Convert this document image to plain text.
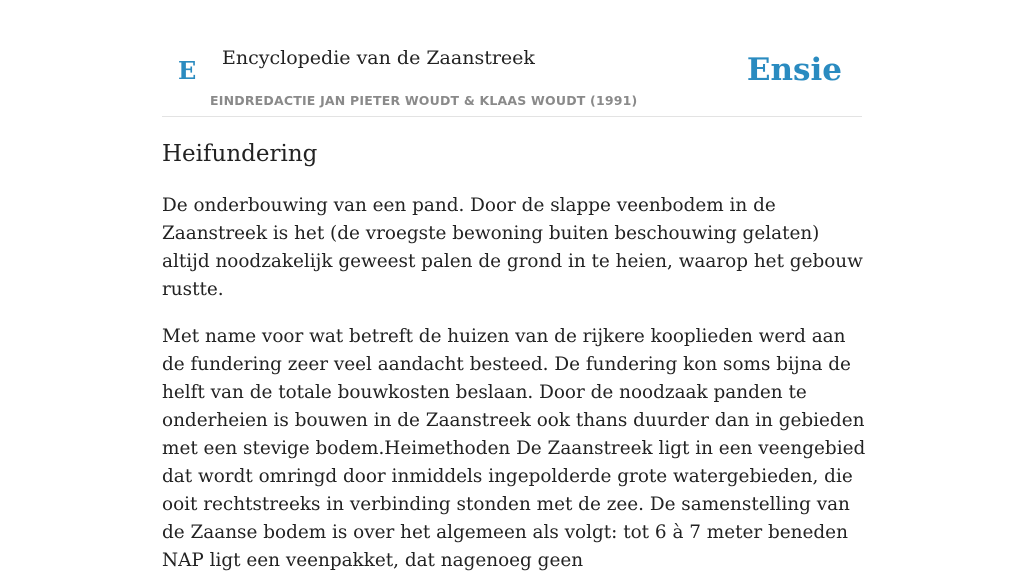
E Encyclopedie van de Zaanstreek	Ensie
EINDREDACTIE JAN PIETER WOUDT & KLAAS WOUDT (1991)
Heifundering

De onderbouwing van een pand. Door de slappe veenbodem in de Zaanstreek is het (de vroegste bewoning buiten beschouwing gelaten) altijd noodzakelijk geweest palen de grond in te heien, waarop het gebouw rustte.

Met name voor wat betreft de huizen van de rijkere kooplieden werd aan de fundering zeer veel aandacht besteed. De fundering kon soms bijna de helft van de totale bouwkosten beslaan. Door de noodzaak panden te onderheien is bouwen in de Zaanstreek ook thans duurder dan in gebieden met een stevige bodem.Heimethoden De Zaanstreek ligt in een veengebied dat wordt omringd door inmiddels ingepolderde grote watergebieden, die ooit rechtstreeks in verbinding stonden met de zee. De samenstelling van de Zaanse bodem is over het algemeen als volgt: tot 6 à 7 meter beneden NAP ligt een veenpakket, dat nagenoeg geen
